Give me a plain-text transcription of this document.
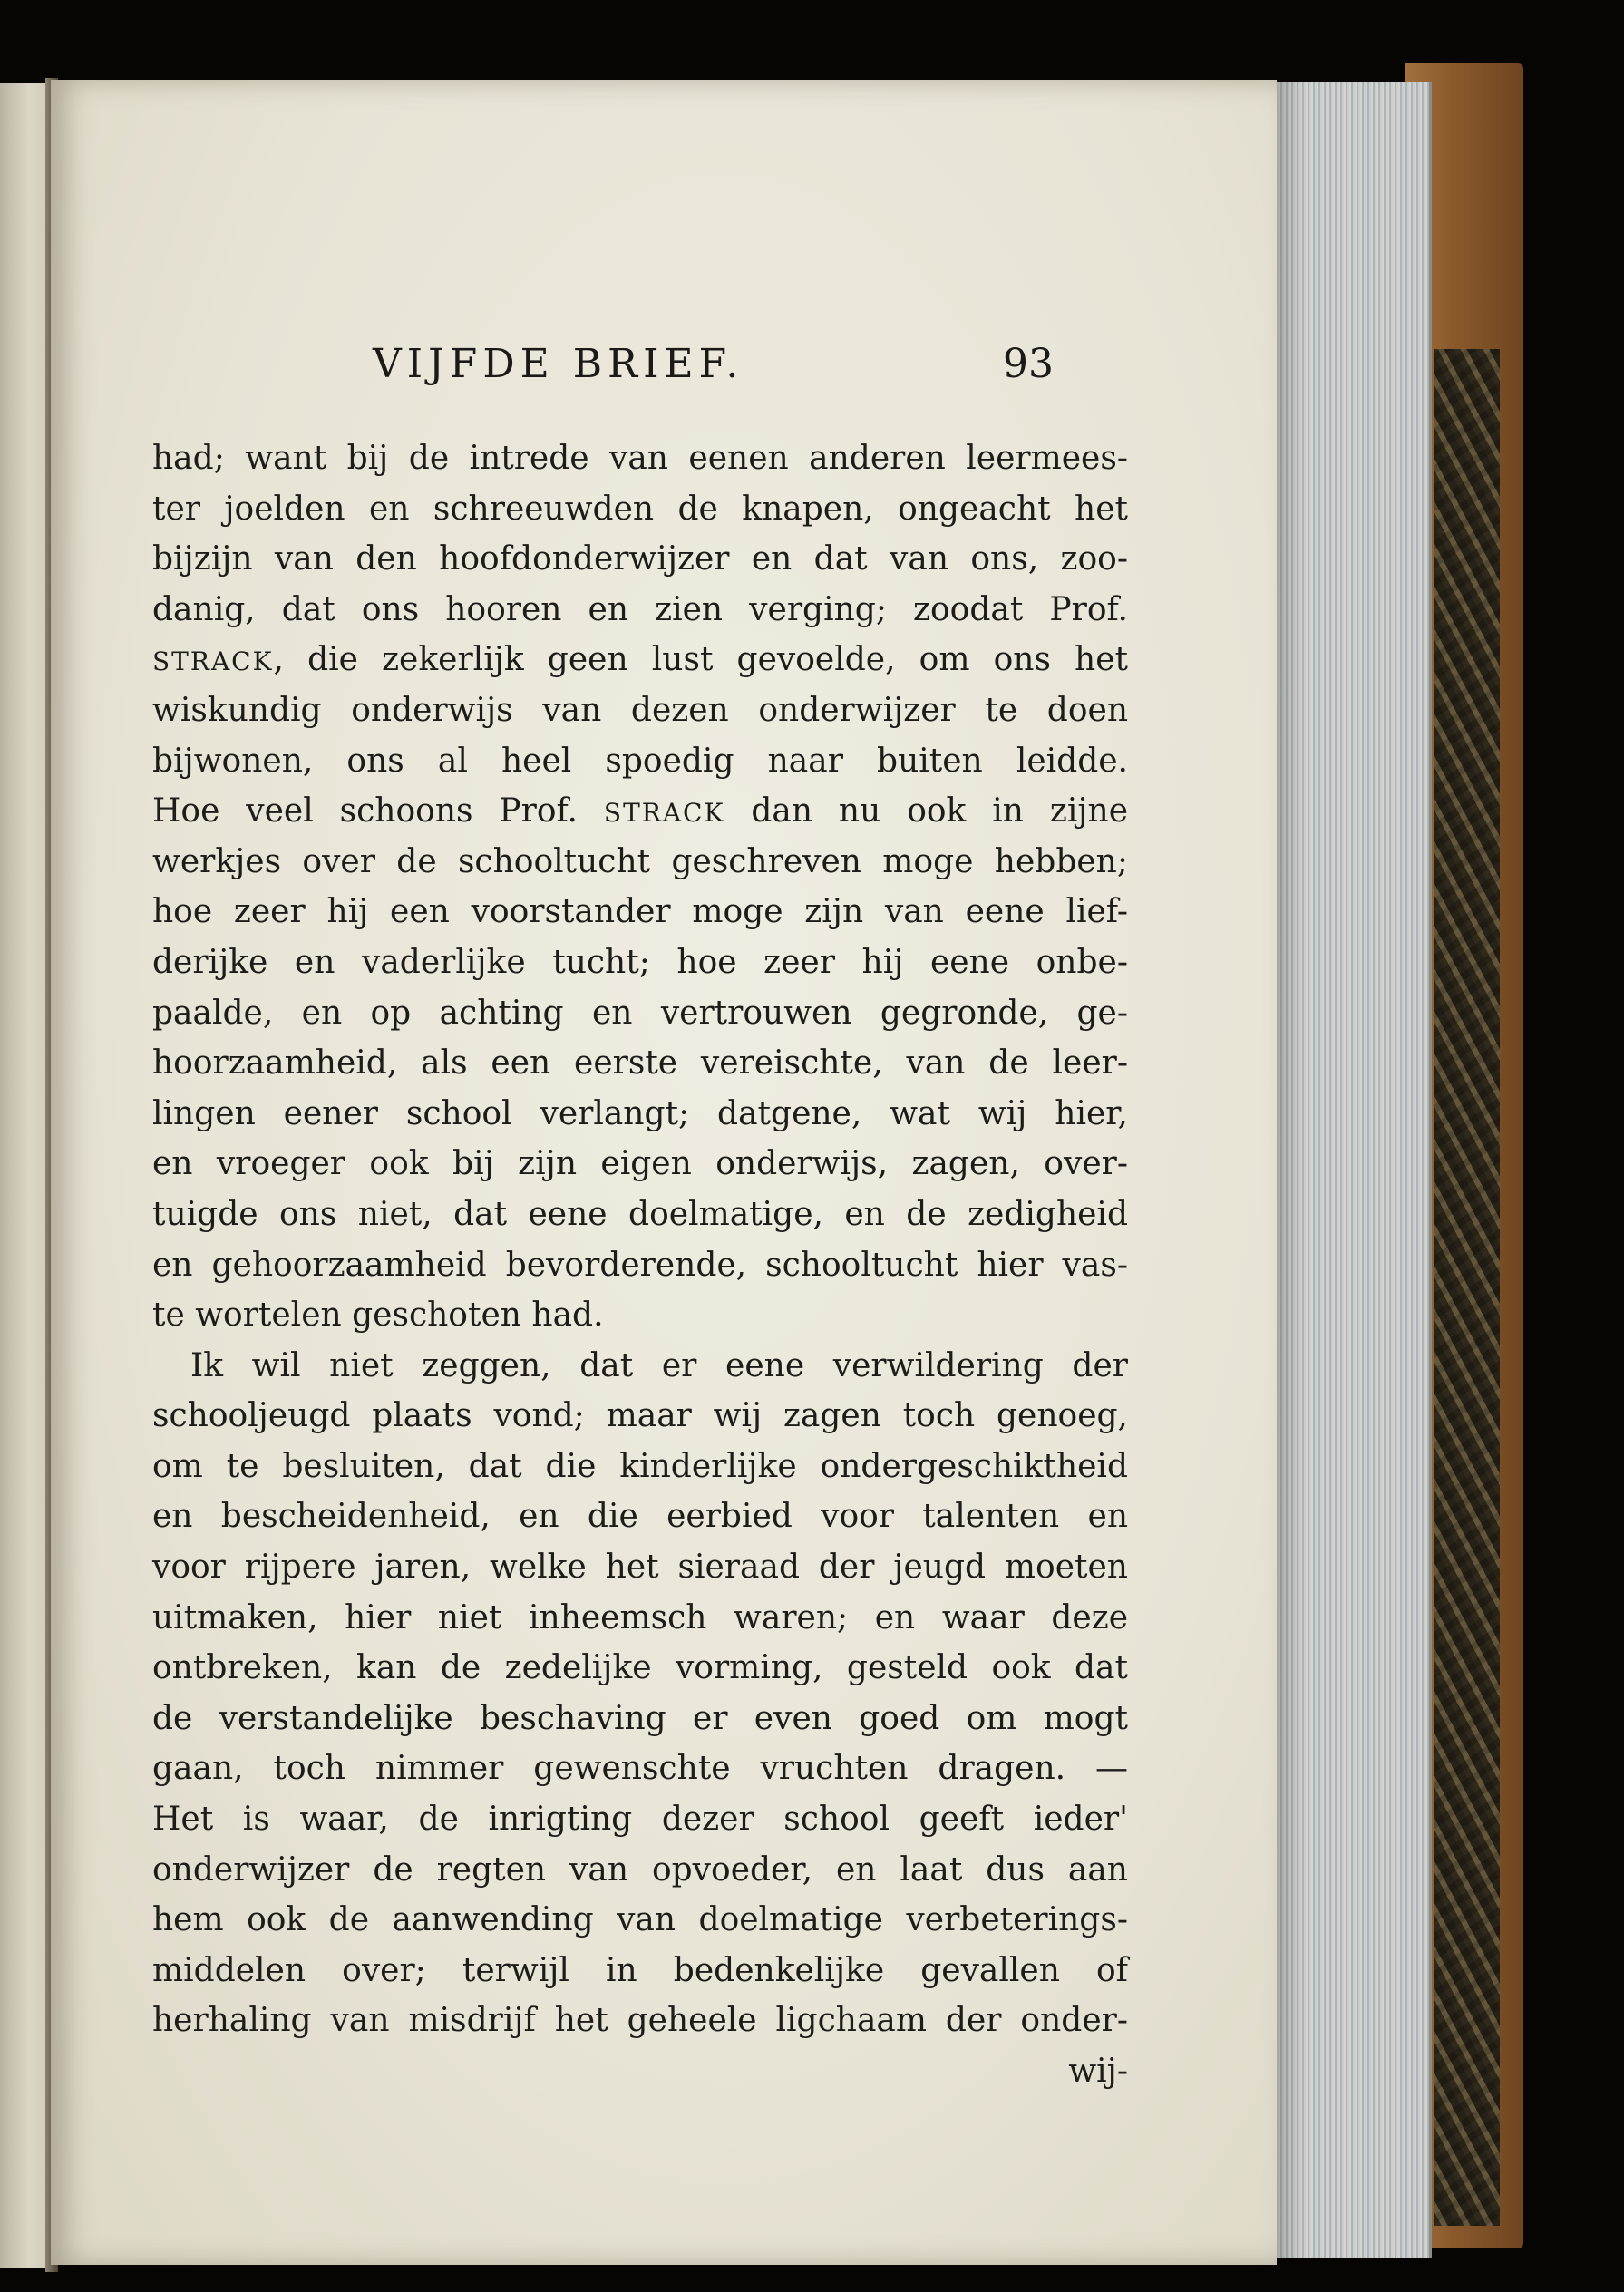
VIJFDE BRIEF.	93
had; want bij de intrede van eenen anderen leermees-
ter joelden en schreeuwden de knapen, ongeacht het
bijzijn van den hoofdonderwijzer en dat van ons, zoo-
danig, dat ons hooren en zien verging; zoodat Prof.
STRACK, die zekerlijk geen lust gevoelde, om ons het
wiskundig onderwijs van dezen onderwijzer te doen
bijwonen, ons al heel spoedig naar buiten leidde.
Hoe veel schoons Prof. STRACK dan nu ook in zijne
werkjes over de schooltucht geschreven moge hebben;
hoe zeer hij een voorstander moge zijn van eene lief-
derijke en vaderlijke tucht; hoe zeer hij eene onbe-
paalde, en op achting en vertrouwen gegronde, ge-
hoorzaamheid, als een eerste vereischte, van de leer-
lingen eener school verlangt; datgene, wat wij hier,
en vroeger ook bij zijn eigen onderwijs, zagen, over-
tuigde ons niet, dat eene doelmatige, en de zedigheid
en gehoorzaamheid bevorderende, schooltucht hier vas-
te wortelen geschoten had.
Ik wil niet zeggen, dat er eene verwildering der
schooljeugd plaats vond; maar wij zagen toch genoeg,
om te besluiten, dat die kinderlijke ondergeschiktheid
en bescheidenheid, en die eerbied voor talenten en
voor rijpere jaren, welke het sieraad der jeugd moeten
uitmaken, hier niet inheemsch waren; en waar deze
ontbreken, kan de zedelijke vorming, gesteld ook dat
de verstandelijke beschaving er even goed om mogt
gaan, toch nimmer gewenschte vruchten dragen. —
Het is waar, de inrigting dezer school geeft ieder'
onderwijzer de regten van opvoeder, en laat dus aan
hem ook de aanwending van doelmatige verbeterings-
middelen over; terwijl in bedenkelijke gevallen of
herhaling van misdrijf het geheele ligchaam der onder-
wij-
